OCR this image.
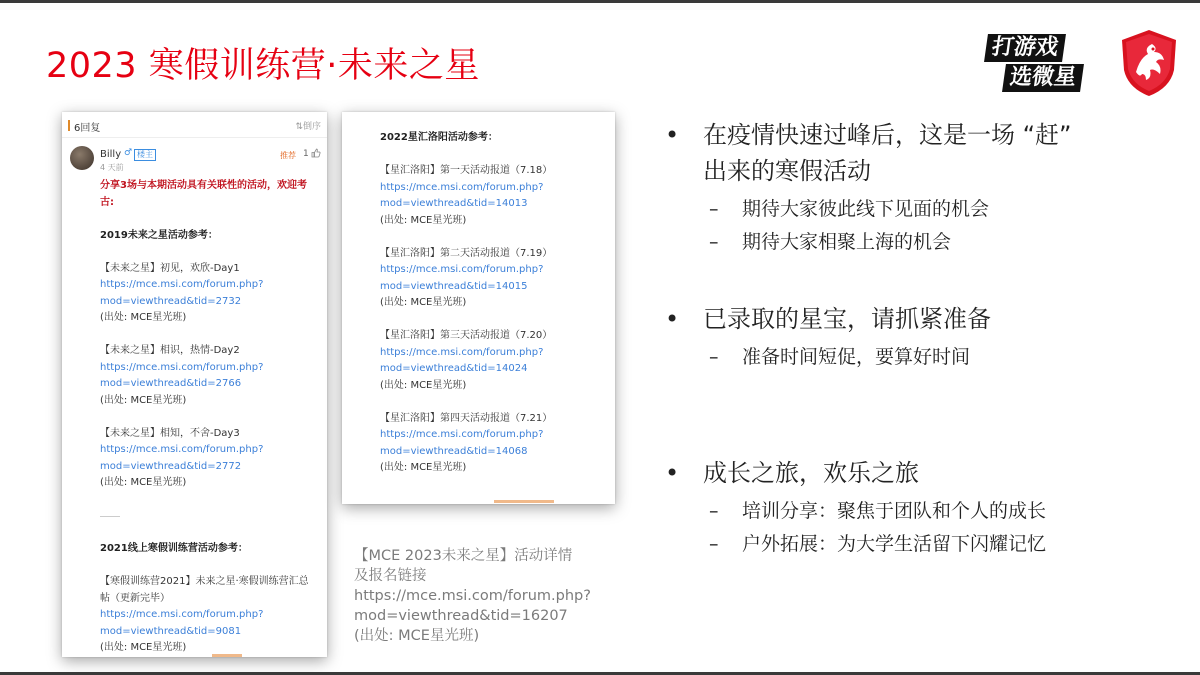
2023 寒假训练营·未来之星	打游戏
选微星
6回复	⇅倒序
Billy ♂ 楼主
4 天前
推荐 1
分享3场与本期活动具有关联性的活动，欢迎考
古:
2019未来之星活动参考：
【未来之星】初见，欢欣-Day1
https://mce.msi.com/forum.php?
mod=viewthread&tid=2732
(出处: MCE星光班)
【未来之星】相识，热情-Day2
https://mce.msi.com/forum.php?
mod=viewthread&tid=2766
(出处: MCE星光班)
【未来之星】相知，不舍-Day3
https://mce.msi.com/forum.php?
mod=viewthread&tid=2772
(出处: MCE星光班)
2021线上寒假训练营活动参考：
【寒假训练营2021】未来之星·寒假训练营汇总
帖（更新完毕）
https://mce.msi.com/forum.php?
mod=viewthread&tid=9081
(出处: MCE星光班)
2022星汇洛阳活动参考：
【星汇洛阳】第一天活动报道（7.18）
https://mce.msi.com/forum.php?
mod=viewthread&tid=14013
(出处: MCE星光班)
【星汇洛阳】第二天活动报道（7.19）
https://mce.msi.com/forum.php?
mod=viewthread&tid=14015
(出处: MCE星光班)
【星汇洛阳】第三天活动报道（7.20）
https://mce.msi.com/forum.php?
mod=viewthread&tid=14024
(出处: MCE星光班)
【星汇洛阳】第四天活动报道（7.21）
https://mce.msi.com/forum.php?
mod=viewthread&tid=14068
(出处: MCE星光班)
【MCE 2023未来之星】活动详情
及报名链接
https://mce.msi.com/forum.php?
mod=viewthread&tid=16207
(出处: MCE星光班)
• 在疫情快速过峰后，这是一场 “赶”
出来的寒假活动
– 期待大家彼此线下见面的机会
– 期待大家相聚上海的机会
• 已录取的星宝，请抓紧准备
– 准备时间短促，要算好时间
• 成长之旅，欢乐之旅
– 培训分享：聚焦于团队和个人的成长
– 户外拓展：为大学生活留下闪耀记忆
